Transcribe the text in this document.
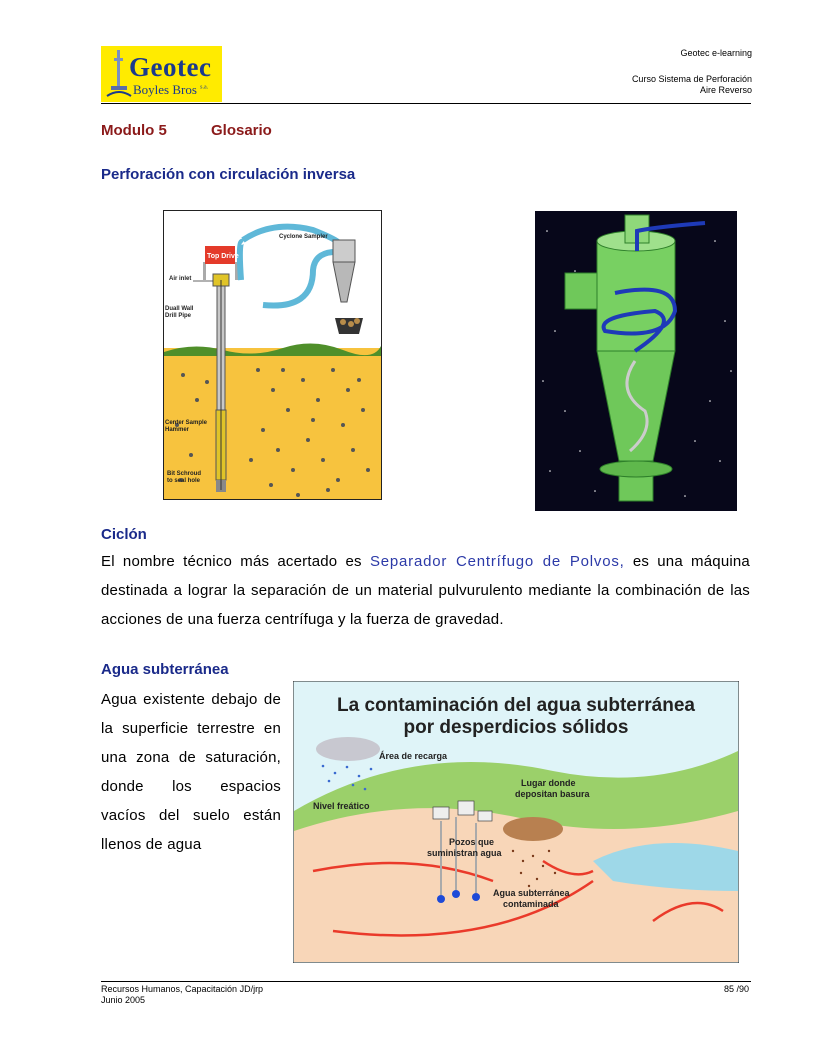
Geotec
Boyles Bros $^{s.a.}$
Geotec e-learning
Curso Sistema de Perforación
Aire Reverso
Modulo 5	Glosario
Perforación con circulación inversa
Top Drive
Cyclone Sampler
Air inlet
Duall Wall
Drill Pipe
Center Sample
Hammer
Bit Schroud
to seal hole
Ciclón
El nombre técnico más acertado es Separador Centrífugo de Polvos, es una máquina destinada a lograr la separación de un material pulvurulento mediante la combinación de las acciones de una fuerza centrífuga y la fuerza de gravedad.
Agua subterránea
Agua existente debajo de la superficie terrestre en una zona de saturación, donde los espacios vacíos del suelo están llenos de agua
La contaminación del agua subterránea
por desperdicios sólidos
Área de recarga
Lugar donde
depositan basura
Nivel freático
Pozos que
suministran agua
Agua subterránea
contaminada
Recursos Humanos, Capacitación JD/jrp
Junio 2005
85 /90
